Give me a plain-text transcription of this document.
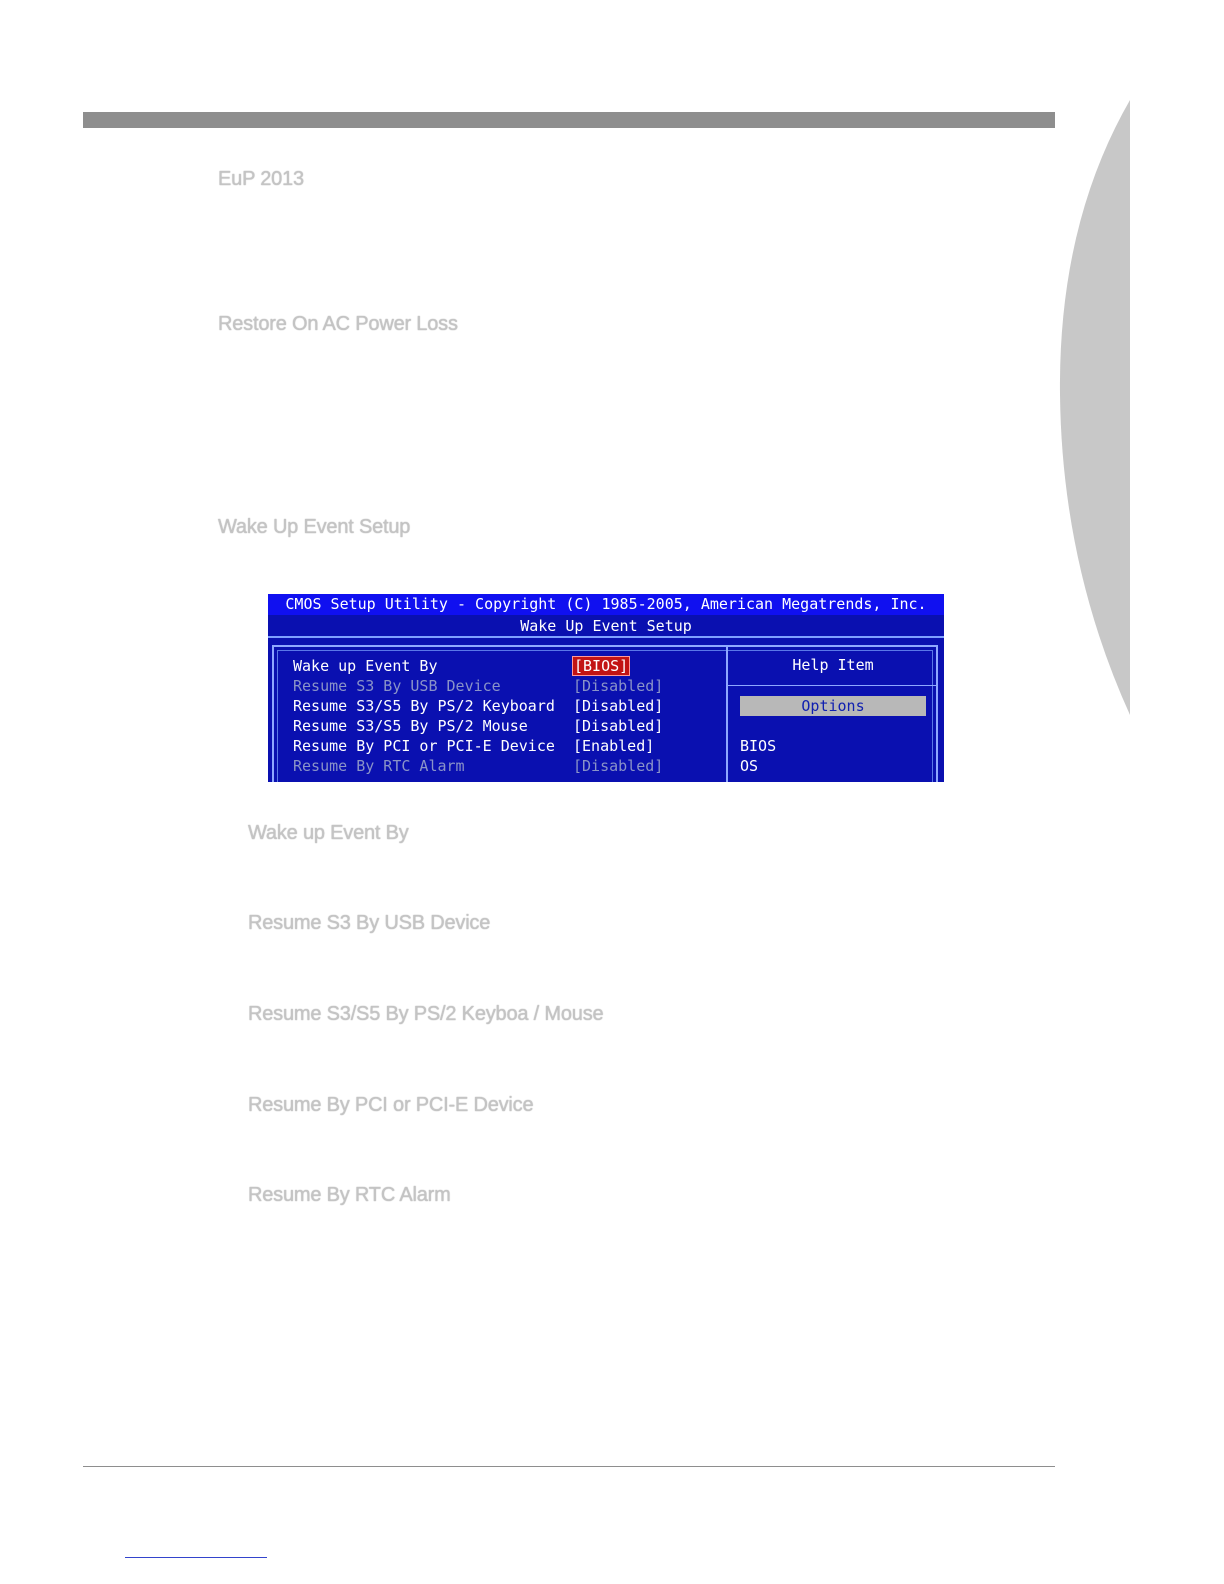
EuP 2013
Restore On AC Power Loss
Wake Up Event Setup
CMOS Setup Utility - Copyright (C) 1985-2005, American Megatrends, Inc.
Wake Up Event Setup
Wake up Event By	[BIOS]
Resume S3 By USB Device	[Disabled]
Resume S3/S5 By PS/2 Keyboard [Disabled]
Resume S3/S5 By PS/2 Mouse	[Disabled]
Resume By PCI or PCI-E Device [Enabled]
Resume By RTC Alarm	[Disabled]
Help Item
Options
BIOS
OS
Wake up Event By
Resume S3 By USB Device
Resume S3/S5 By PS/2 Keyboa / Mouse
Resume By PCI or PCI-E Device
Resume By RTC Alarm
